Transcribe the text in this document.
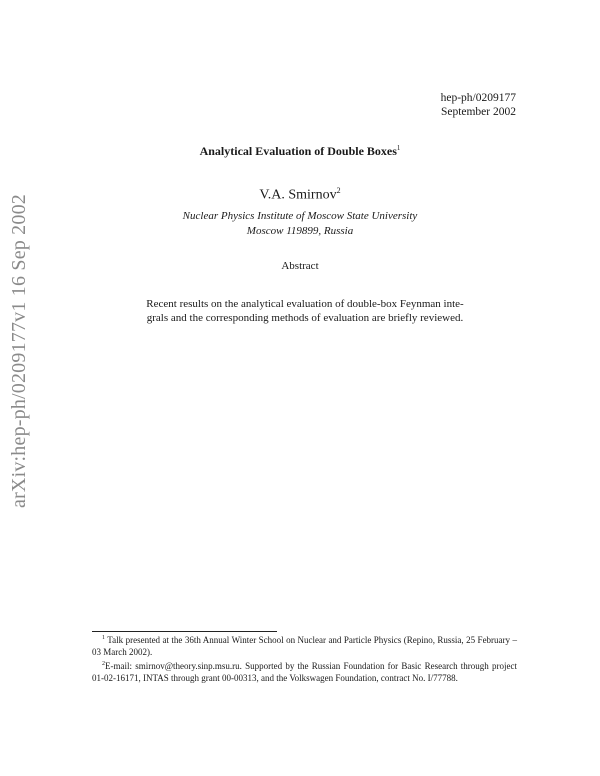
arXiv:hep-ph/0209177v1 16 Sep 2002
hep-ph/0209177
September 2002
Analytical Evaluation of Double Boxes$^1$
V.A. Smirnov$^2$
Nuclear Physics Institute of Moscow State University
Moscow 119899, Russia
Abstract
Recent results on the analytical evaluation of double-box Feynman inte-
grals and the corresponding methods of evaluation are briefly reviewed.

$^1$ Talk presented at the 36th Annual Winter School on Nuclear and Particle Physics (Repino, Russia, 25 February – 03 March 2002).

$^2$E-mail: smirnov@theory.sinp.msu.ru. Supported by the Russian Foundation for Basic Research through project 01-02-16171, INTAS through grant 00-00313, and the Volkswagen Foundation, contract No. I/77788.
